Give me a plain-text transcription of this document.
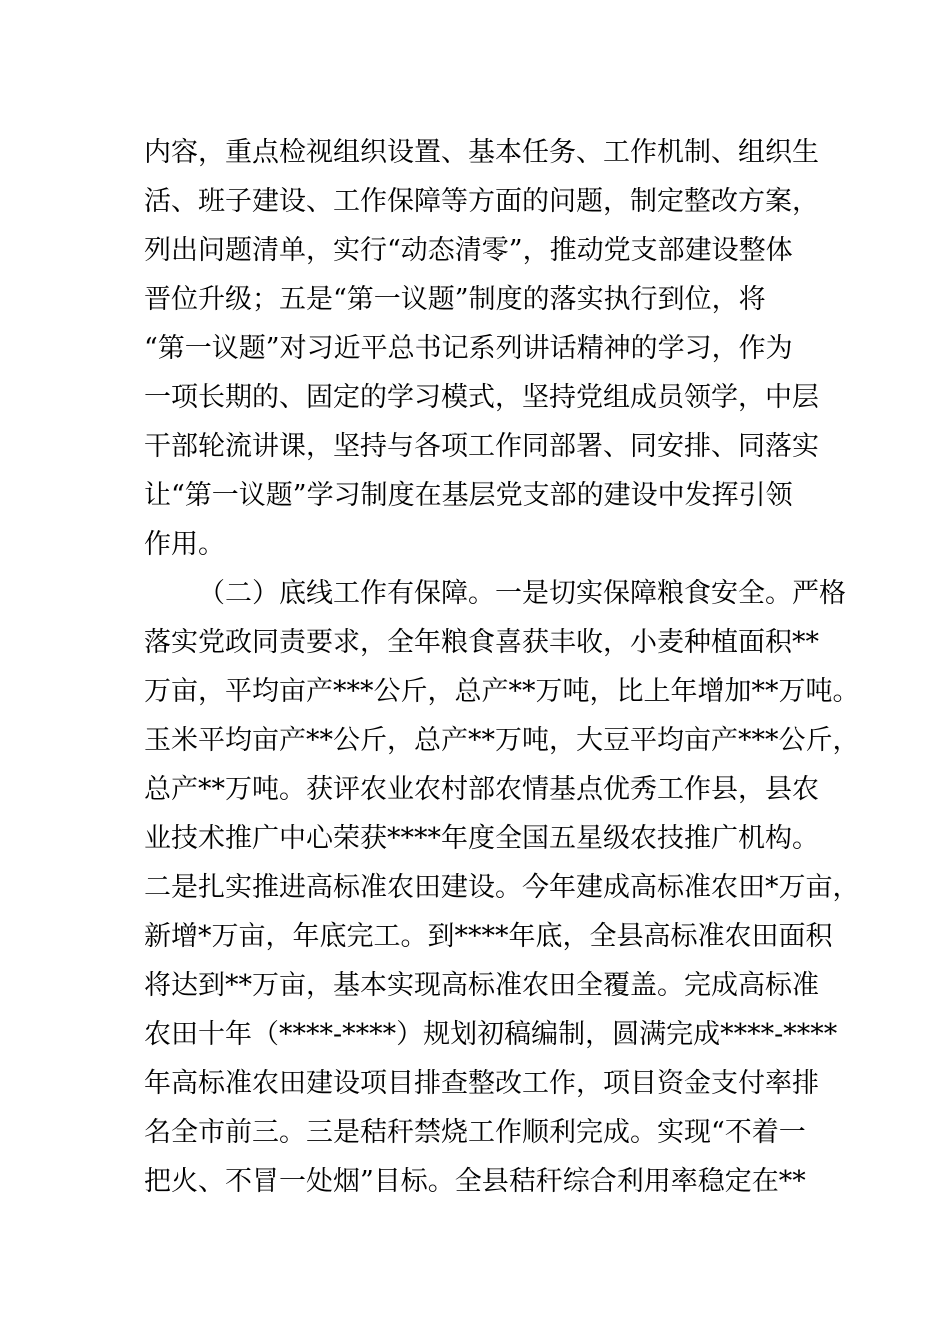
内容，重点检视组织设置、基本任务、工作机制、组织生
活、班子建设、工作保障等方面的问题，制定整改方案，
列出问题清单，实行“动态清零”，推动党支部建设整体
晋位升级；五是“第一议题”制度的落实执行到位，将
“第一议题”对习近平总书记系列讲话精神的学习，作为
一项长期的、固定的学习模式，坚持党组成员领学，中层
干部轮流讲课，坚持与各项工作同部署、同安排、同落实
让“第一议题”学习制度在基层党支部的建设中发挥引领
作用。
（二）底线工作有保障。一是切实保障粮食安全。严格
落实党政同责要求，全年粮食喜获丰收，小麦种植面积**
万亩，平均亩产***公斤，总产**万吨，比上年增加**万吨。
玉米平均亩产**公斤，总产**万吨，大豆平均亩产***公斤，
总产**万吨。获评农业农村部农情基点优秀工作县，县农
业技术推广中心荣获****年度全国五星级农技推广机构。
二是扎实推进高标准农田建设。今年建成高标准农田*万亩，
新增*万亩，年底完工。到****年底，全县高标准农田面积
将达到**万亩，基本实现高标准农田全覆盖。完成高标准
农田十年（****-****）规划初稿编制，圆满完成****-****
年高标准农田建设项目排查整改工作，项目资金支付率排
名全市前三。三是秸秆禁烧工作顺利完成。实现“不着一
把火、不冒一处烟”目标。全县秸秆综合利用率稳定在**
